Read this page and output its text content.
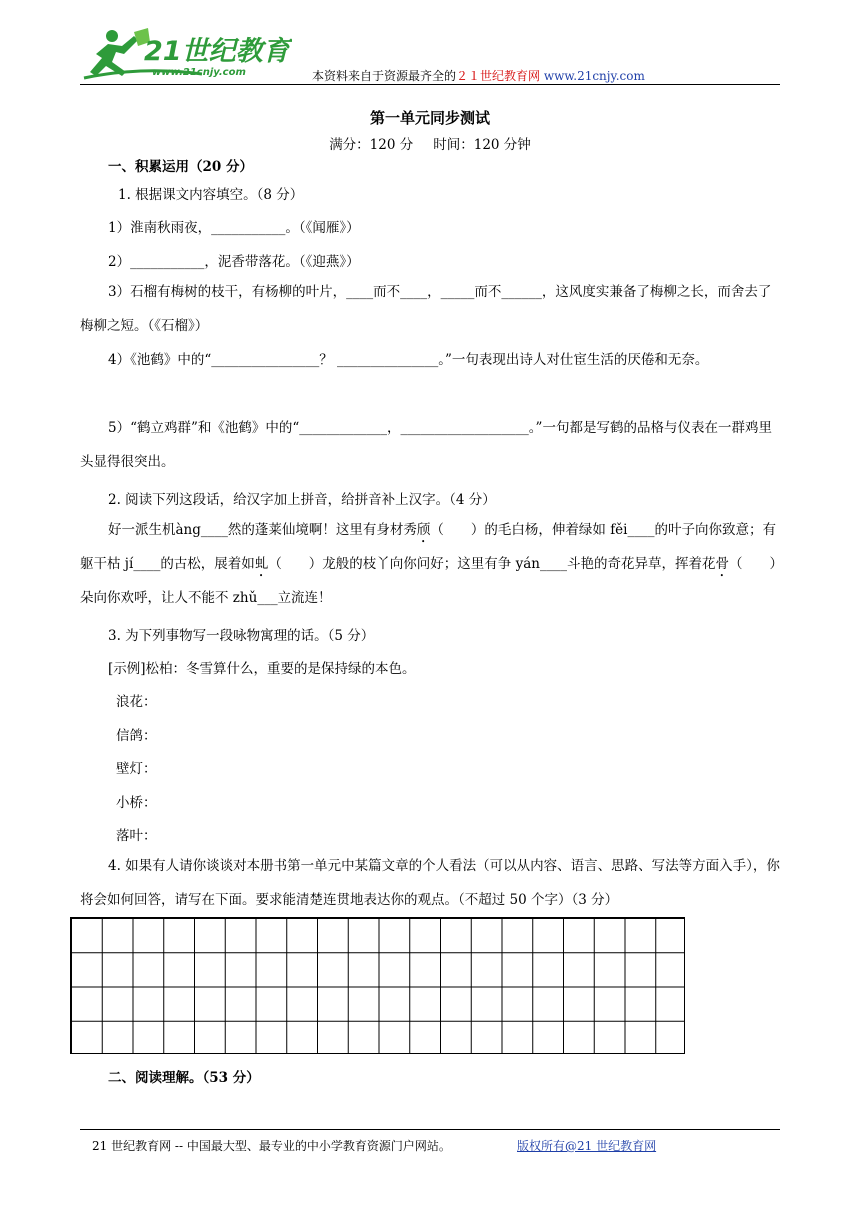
21世纪教育
www.21cnjy.com	本资料来自于资源最齐全的２１世纪教育网 www.21cnjy.com
第一单元同步测试
满分：120 分 时间：120 分钟
一、积累运用（20 分）
1. 根据课文内容填空。（8 分）
1）淮南秋雨夜，___________。（《闻雁》）
2）___________，泥香带落花。（《迎燕》）
3）石榴有梅树的枝干，有杨柳的叶片，____而不____，_____而不______，这风度实兼备了梅柳之长，而舍去了梅柳之短。（《石榴》）
4）《池鹤》中的“________________？ _______________。”一句表现出诗人对仕宦生活的厌倦和无奈。
5）“鹤立鸡群”和《池鹤》中的“_____________，___________________。”一句都是写鹤的品格与仪表在一群鸡里头显得很突出。
2. 阅读下列这段话，给汉字加上拼音，给拼音补上汉字。（4 分）
好一派生机àng____然的蓬莱仙境啊！这里有身材秀颀（　　）的毛白杨，伸着绿如 fěi____的叶子向你致意；有躯干枯 jí____的古松，展着如虬（　　）龙般的枝丫向你问好；这里有争 yán____斗艳的奇花异草，挥着花骨（　　）朵向你欢呼，让人不能不 zhǔ___立流连！
3. 为下列事物写一段咏物寓理的话。（5 分）
[示例]松柏：冬雪算什么，重要的是保持绿的本色。
浪花：
信鸽：
壁灯：
小桥：
落叶：
4. 如果有人请你谈谈对本册书第一单元中某篇文章的个人看法（可以从内容、语言、思路、写法等方面入手），你将会如何回答，请写在下面。要求能清楚连贯地表达你的观点。（不超过 50 个字）（3 分）
二、阅读理解。（53 分）
21 世纪教育网 -- 中国最大型、最专业的中小学教育资源门户网站。	版权所有@21 世纪教育网
